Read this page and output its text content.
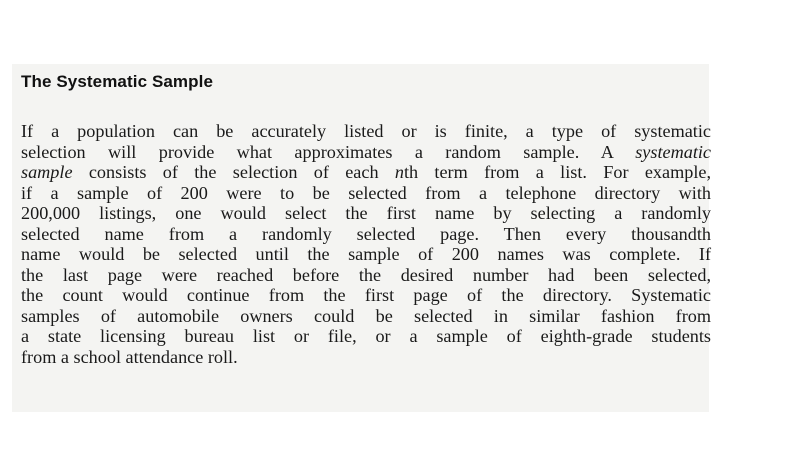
The Systematic Sample
If a population can be accurately listed or is finite, a type of systematic
selection will provide what approximates a random sample. A systematic
sample consists of the selection of each nth term from a list. For example,
if a sample of 200 were to be selected from a telephone directory with
200,000 listings, one would select the first name by selecting a randomly
selected name from a randomly selected page. Then every thousandth
name would be selected until the sample of 200 names was complete. If
the last page were reached before the desired number had been selected,
the count would continue from the first page of the directory. Systematic
samples of automobile owners could be selected in similar fashion from
a state licensing bureau list or file, or a sample of eighth-grade students
from a school attendance roll.
